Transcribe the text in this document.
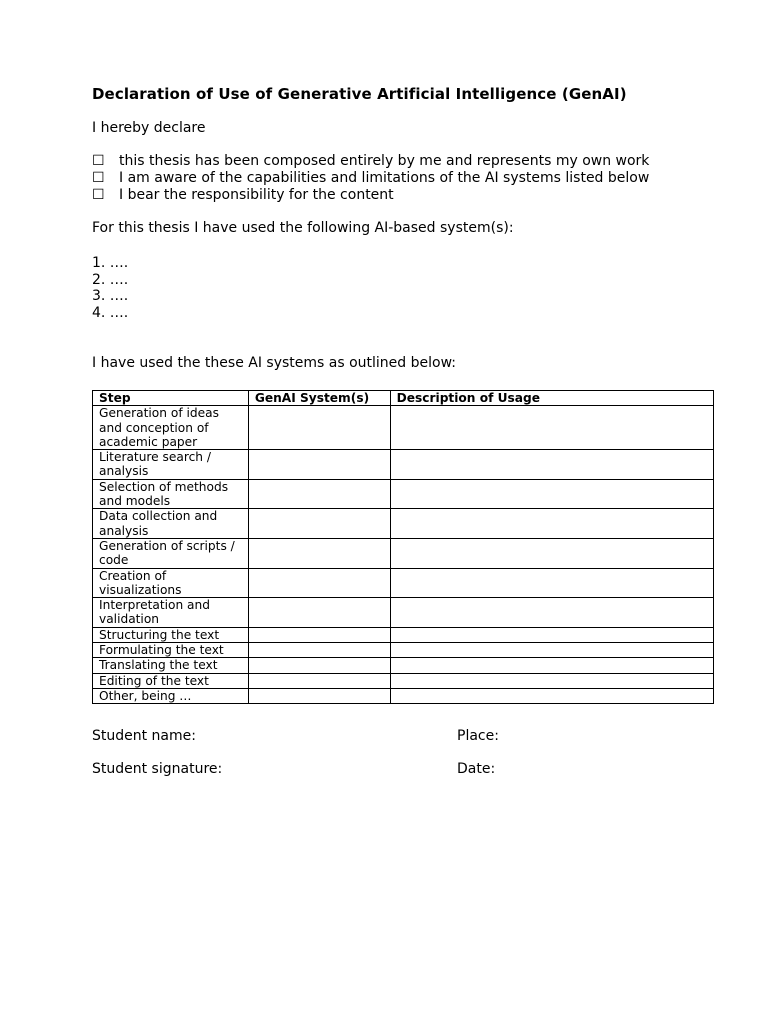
Declaration of Use of Generative Artificial Intelligence (GenAI)
I hereby declare
☐	this thesis has been composed entirely by me and represents my own work
☐	I am aware of the capabilities and limitations of the AI systems listed below
☐	I bear the responsibility for the content
For this thesis I have used the following AI-based system(s):
1. ….
2. ….
3. ….
4. ….
I have used the these AI systems as outlined below:
Step	GenAI System(s)	Description of Usage
Generation of ideas and conception of academic paper		
Literature search / analysis		
Selection of methods and models		
Data collection and analysis		
Generation of scripts / code		
Creation of visualizations		
Interpretation and validation		
Structuring the text		
Formulating the text		
Translating the text		
Editing of the text		
Other, being …		
Student name:	Place:
Student signature:	Date:
